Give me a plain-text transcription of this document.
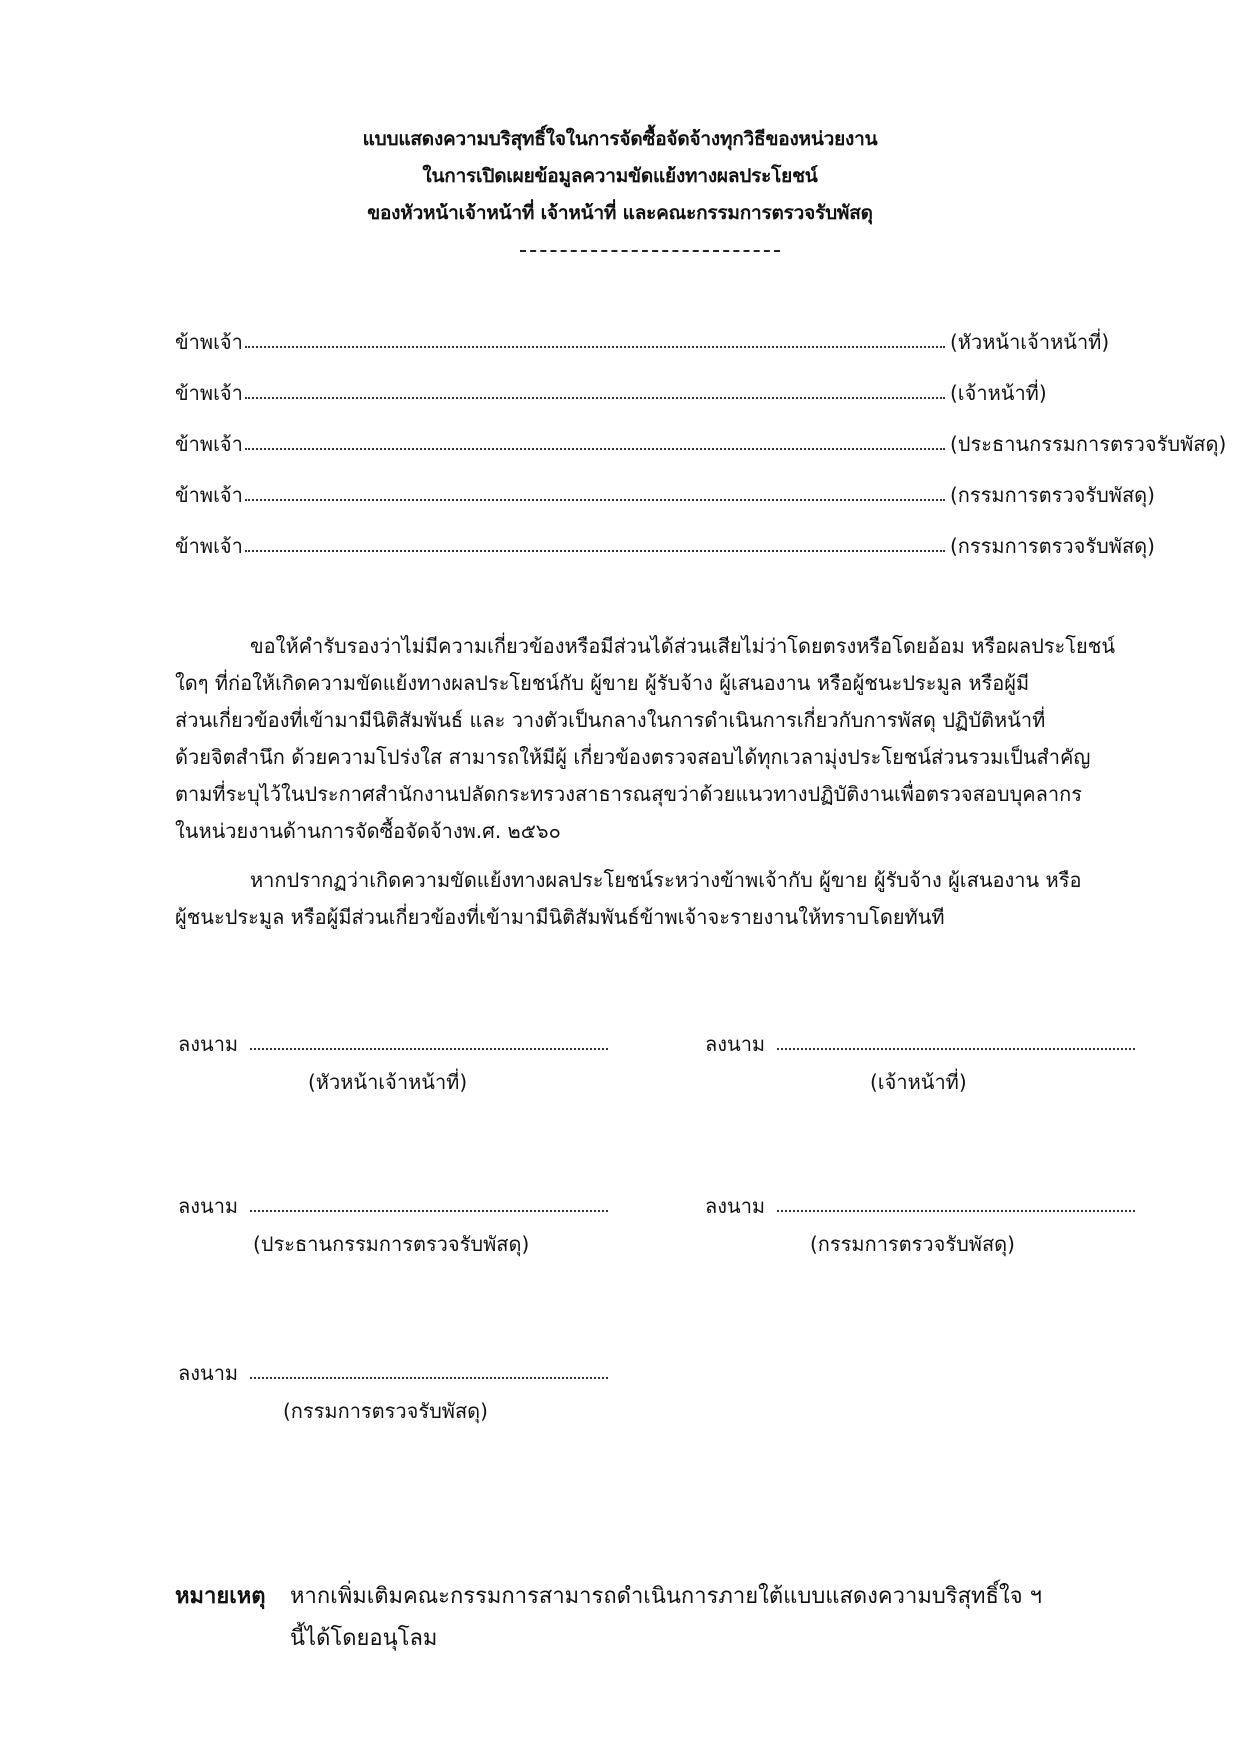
แบบแสดงความบริสุทธิ์ใจในการจัดซื้อจัดจ้างทุกวิธีของหน่วยงาน
ในการเปิดเผยข้อมูลความขัดแย้งทางผลประโยชน์
ของหัวหน้าเจ้าหน้าที่ เจ้าหน้าที่ และคณะกรรมการตรวจรับพัสดุ
ข้าพเจ้า	(หัวหน้าเจ้าหน้าที่)
ข้าพเจ้า	(เจ้าหน้าที่)
ข้าพเจ้า	(ประธานกรรมการตรวจรับพัสดุ)
ข้าพเจ้า	(กรรมการตรวจรับพัสดุ)
ข้าพเจ้า	(กรรมการตรวจรับพัสดุ)
ขอให้คำรับรองว่าไม่มีความเกี่ยวข้องหรือมีส่วนได้ส่วนเสียไม่ว่าโดยตรงหรือโดยอ้อม หรือผลประโยชน์
ใดๆ ที่ก่อให้เกิดความขัดแย้งทางผลประโยชน์กับ ผู้ขาย ผู้รับจ้าง ผู้เสนองาน หรือผู้ชนะประมูล หรือผู้มี
ส่วนเกี่ยวข้องที่เข้ามามีนิติสัมพันธ์ และ วางตัวเป็นกลางในการดำเนินการเกี่ยวกับการพัสดุ ปฏิบัติหน้าที่
ด้วยจิตสำนึก ด้วยความโปร่งใส สามารถให้มีผู้ เกี่ยวข้องตรวจสอบได้ทุกเวลามุ่งประโยชน์ส่วนรวมเป็นสำคัญ
ตามที่ระบุไว้ในประกาศสำนักงานปลัดกระทรวงสาธารณสุขว่าด้วยแนวทางปฏิบัติงานเพื่อตรวจสอบบุคลากร
ในหน่วยงานด้านการจัดซื้อจัดจ้างพ.ศ. ๒๕๖๐
หากปรากฏว่าเกิดความขัดแย้งทางผลประโยชน์ระหว่างข้าพเจ้ากับ ผู้ขาย ผู้รับจ้าง ผู้เสนองาน หรือ
ผู้ชนะประมูล หรือผู้มีส่วนเกี่ยวข้องที่เข้ามามีนิติสัมพันธ์ข้าพเจ้าจะรายงานให้ทราบโดยทันที
ลงนาม
(หัวหน้าเจ้าหน้าที่)
ลงนาม
(เจ้าหน้าที่)
ลงนาม
(ประธานกรรมการตรวจรับพัสดุ)
ลงนาม
(กรรมการตรวจรับพัสดุ)
ลงนาม
(กรรมการตรวจรับพัสดุ)
หมายเหตุ หากเพิ่มเติมคณะกรรมการสามารถดำเนินการภายใต้แบบแสดงความบริสุทธิ์ใจ ฯ
นี้ได้โดยอนุโลม
